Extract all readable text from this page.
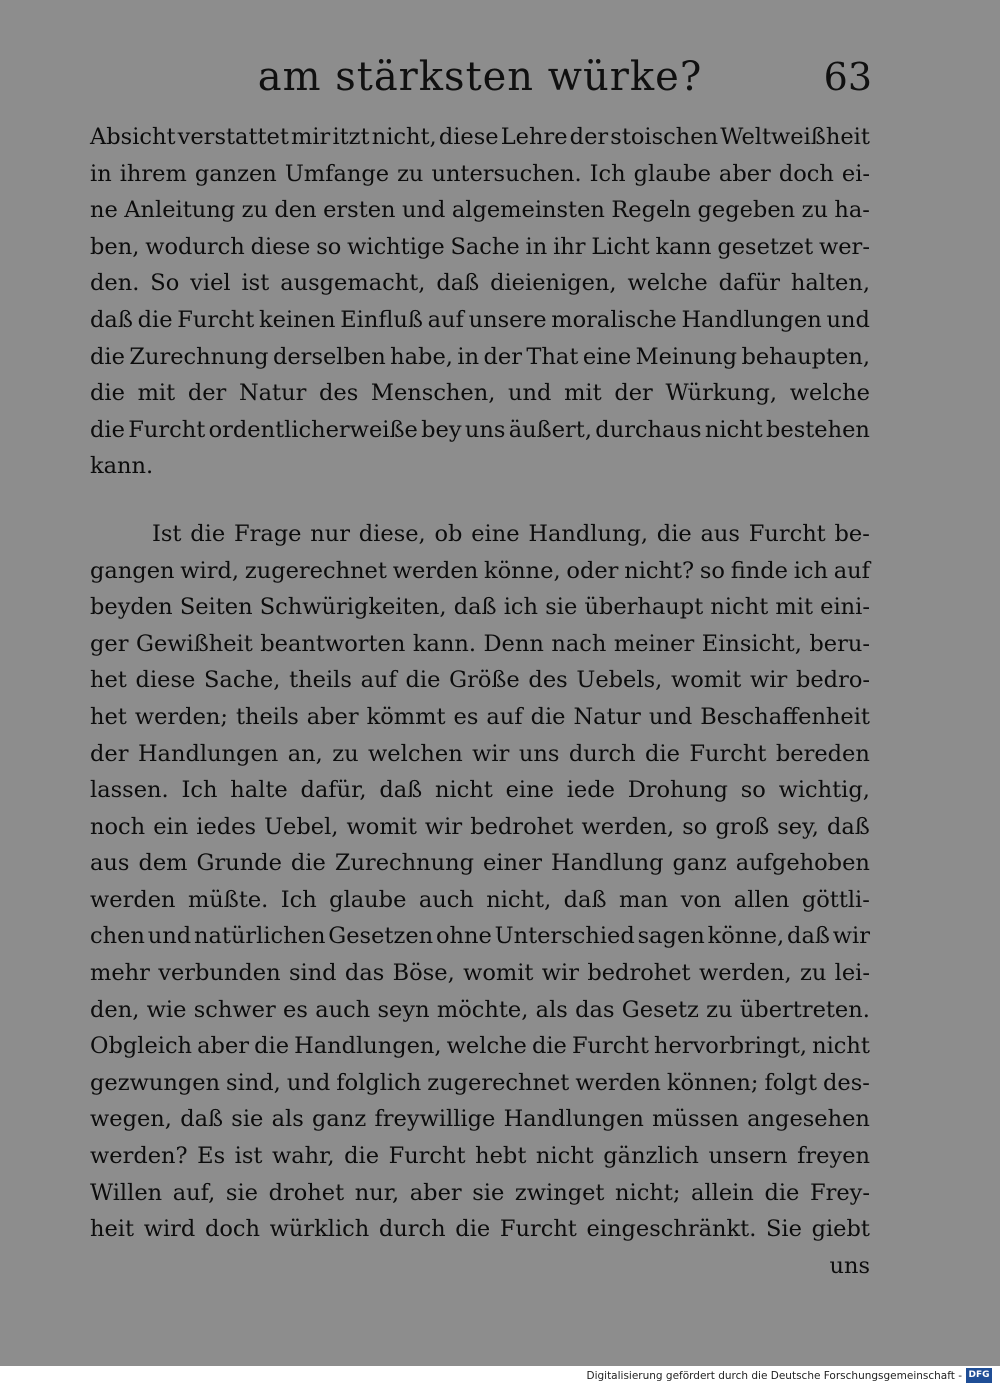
am stärksten würke?	63
Absicht verstattet mir itzt nicht, diese Lehre der stoischen Weltweißheit
in ihrem ganzen Umfange zu untersuchen. Ich glaube aber doch ei-
ne Anleitung zu den ersten und algemeinsten Regeln gegeben zu ha-
ben, wodurch diese so wichtige Sache in ihr Licht kann gesetzet wer-
den. So viel ist ausgemacht, daß dieienigen, welche dafür halten,
daß die Furcht keinen Einfluß auf unsere moralische Handlungen und
die Zurechnung derselben habe, in der That eine Meinung behaupten,
die mit der Natur des Menschen, und mit der Würkung, welche
die Furcht ordentlicherweiße bey uns äußert, durchaus nicht bestehen
kann.
Ist die Frage nur diese, ob eine Handlung, die aus Furcht be-
gangen wird, zugerechnet werden könne, oder nicht? so finde ich auf
beyden Seiten Schwürigkeiten, daß ich sie überhaupt nicht mit eini-
ger Gewißheit beantworten kann. Denn nach meiner Einsicht, beru-
het diese Sache, theils auf die Größe des Uebels, womit wir bedro-
het werden; theils aber kömmt es auf die Natur und Beschaffenheit
der Handlungen an, zu welchen wir uns durch die Furcht bereden
lassen. Ich halte dafür, daß nicht eine iede Drohung so wichtig,
noch ein iedes Uebel, womit wir bedrohet werden, so groß sey, daß
aus dem Grunde die Zurechnung einer Handlung ganz aufgehoben
werden müßte. Ich glaube auch nicht, daß man von allen göttli-
chen und natürlichen Gesetzen ohne Unterschied sagen könne, daß wir
mehr verbunden sind das Böse, womit wir bedrohet werden, zu lei-
den, wie schwer es auch seyn möchte, als das Gesetz zu übertreten.
Obgleich aber die Handlungen, welche die Furcht hervorbringt, nicht
gezwungen sind, und folglich zugerechnet werden können; folgt des-
wegen, daß sie als ganz freywillige Handlungen müssen angesehen
werden? Es ist wahr, die Furcht hebt nicht gänzlich unsern freyen
Willen auf, sie drohet nur, aber sie zwinget nicht; allein die Frey-
heit wird doch würklich durch die Furcht eingeschränkt. Sie giebt
uns
Digitalisierung gefördert durch die Deutsche Forschungsgemeinschaft - DFG
